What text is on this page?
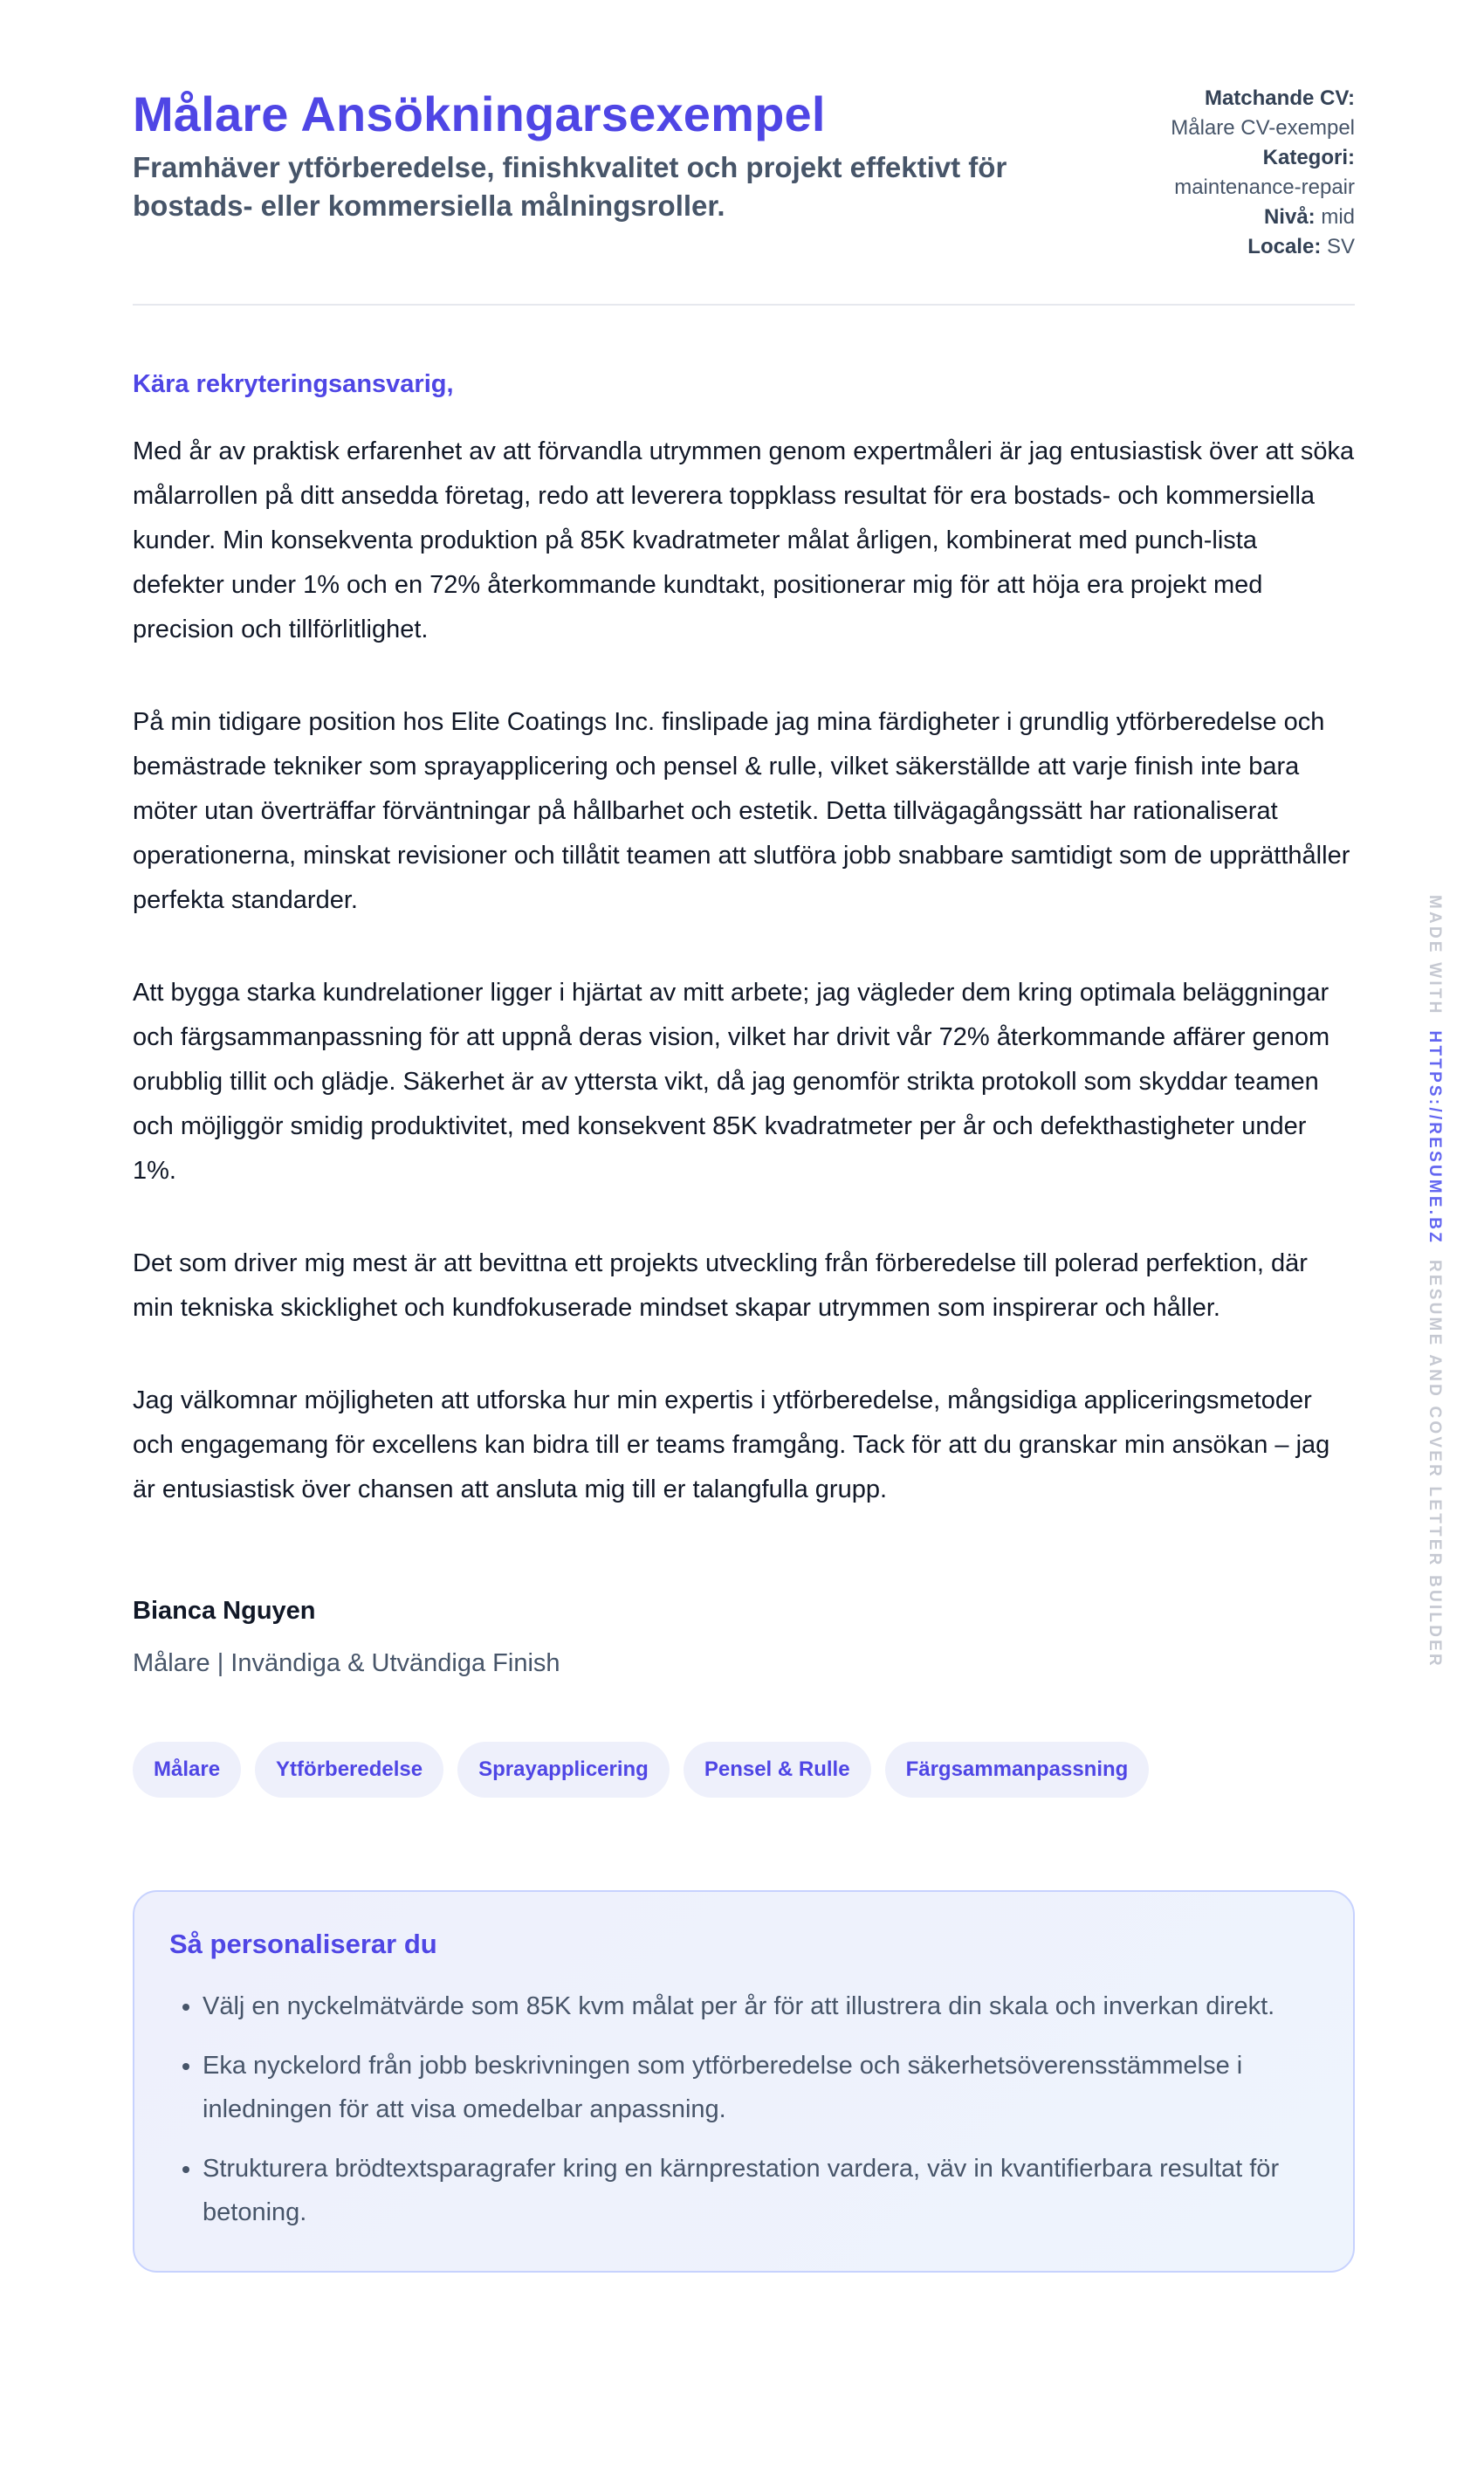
Målare Ansökningarsexempel

Framhäver ytförberedelse, finishkvalitet och projekt effektivt för bostads- eller kommersiella målningsroller.

Matchande CV:
Målare CV-exempel
Kategori:
maintenance-repair
Nivå: mid
Locale: SV

Kära rekryteringsansvarig,

Med år av praktisk erfarenhet av att förvandla utrymmen genom expertmåleri är jag entusiastisk över att söka målarrollen på ditt ansedda företag, redo att leverera toppklass resultat för era bostads- och kommersiella kunder. Min konsekventa produktion på 85K kvadratmeter målat årligen, kombinerat med punch-lista defekter under 1% och en 72% återkommande kundtakt, positionerar mig för att höja era projekt med precision och tillförlitlighet.

På min tidigare position hos Elite Coatings Inc. finslipade jag mina färdigheter i grundlig ytförberedelse och bemästrade tekniker som sprayapplicering och pensel & rulle, vilket säkerställde att varje finish inte bara möter utan överträffar förväntningar på hållbarhet och estetik. Detta tillvägagångssätt har rationaliserat operationerna, minskat revisioner och tillåtit teamen att slutföra jobb snabbare samtidigt som de upprätthåller perfekta standarder.

Att bygga starka kundrelationer ligger i hjärtat av mitt arbete; jag vägleder dem kring optimala beläggningar och färgsammanpassning för att uppnå deras vision, vilket har drivit vår 72% återkommande affärer genom orubblig tillit och glädje. Säkerhet är av yttersta vikt, då jag genomför strikta protokoll som skyddar teamen och möjliggör smidig produktivitet, med konsekvent 85K kvadratmeter per år och defekthastigheter under 1%.

Det som driver mig mest är att bevittna ett projekts utveckling från förberedelse till polerad perfektion, där min tekniska skicklighet och kundfokuserade mindset skapar utrymmen som inspirerar och håller.

Jag välkomnar möjligheten att utforska hur min expertis i ytförberedelse, mångsidiga appliceringsmetoder och engagemang för excellens kan bidra till er teams framgång. Tack för att du granskar min ansökan – jag är entusiastisk över chansen att ansluta mig till er talangfulla grupp.

Bianca Nguyen

Målare | Invändiga & Utvändiga Finish

Målare	Ytförberedelse	Sprayapplicering	Pensel & Rulle	Färgsammanpassning
Så personaliserar du
• Välj en nyckelmätvärde som 85K kvm målat per år för att illustrera din skala och inverkan direkt.
• Eka nyckelord från jobb beskrivningen som ytförberedelse och säkerhetsöverensstämmelse i inledningen för att visa omedelbar anpassning.
• Strukturera brödtextsparagrafer kring en kärnprestation vardera, väv in kvantifierbara resultat för betoning.
MADE WITH  HTTPS://RESUME.BZ  RESUME AND COVER LETTER BUILDER
